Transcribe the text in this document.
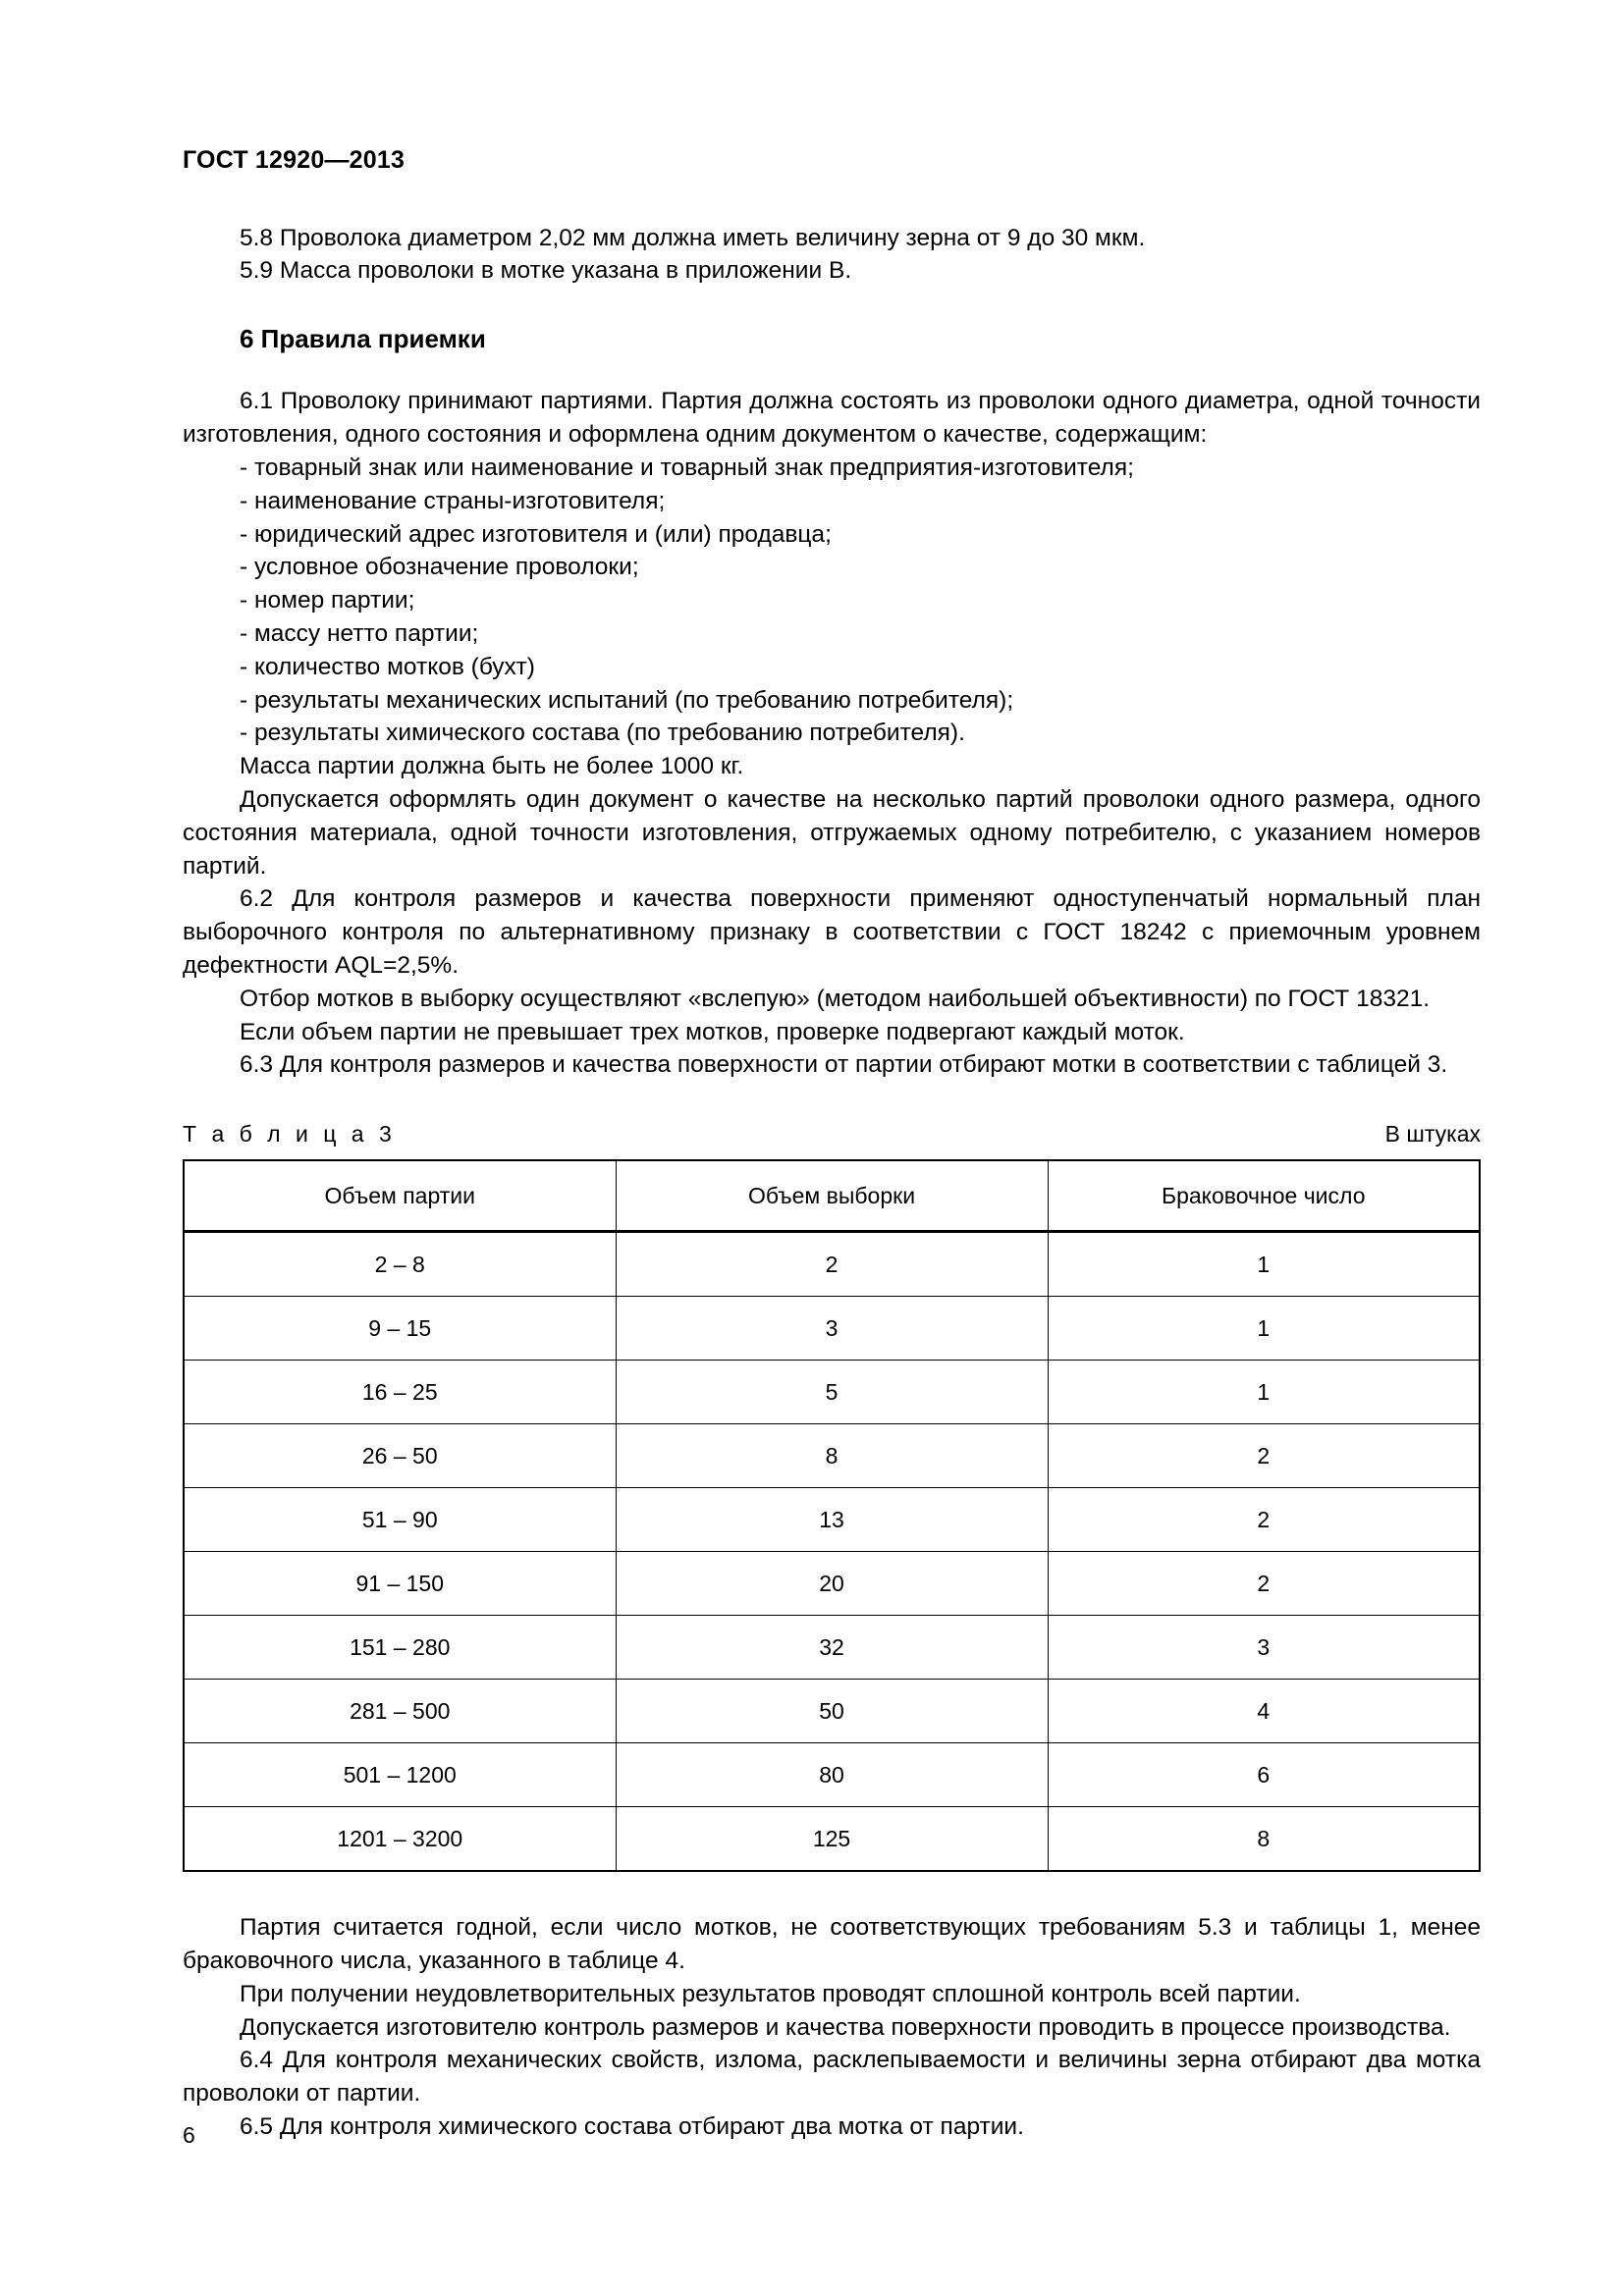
ГОСТ 12920—2013
5.8 Проволока диаметром 2,02 мм должна иметь величину зерна от 9 до 30 мкм.
5.9 Масса проволоки в мотке указана в приложении В.
6 Правила приемки

6.1 Проволоку принимают партиями. Партия должна состоять из проволоки одного диаметра, одной точности изготовления, одного состояния и оформлена одним документом о качестве, содержащим:

- товарный знак или наименование и товарный знак предприятия-изготовителя;
- наименование страны-изготовителя;
- юридический адрес изготовителя и (или) продавца;
- условное обозначение проволоки;
- номер партии;
- массу нетто партии;
- количество мотков (бухт)
- результаты механических испытаний (по требованию потребителя);
- результаты химического состава (по требованию потребителя).
Масса партии должна быть не более 1000 кг.

Допускается оформлять один документ о качестве на несколько партий проволоки одного размера, одного состояния материала, одной точности изготовления, отгружаемых одному потребителю, с указанием номеров партий.

6.2 Для контроля размеров и качества поверхности применяют одноступенчатый нормальный план выборочного контроля по альтернативному признаку в соответствии с ГОСТ 18242 с приемочным уровнем дефектности AQL=2,5%.

Отбор мотков в выборку осуществляют «вслепую» (методом наибольшей объективности) по ГОСТ 18321.

Если объем партии не превышает трех мотков, проверке подвергают каждый моток.

6.3 Для контроля размеров и качества поверхности от партии отбирают мотки в соответствии с таблицей 3.

Т а б л и ц а 3	В штуках
Объем партии	Объем выборки	Браковочное число
2 – 8	2	1
9 – 15	3	1
16 – 25	5	1
26 – 50	8	2
51 – 90	13	2
91 – 150	20	2
151 – 280	32	3
281 – 500	50	4
501 – 1200	80	6
1201 – 3200	125	8

Партия считается годной, если число мотков, не соответствующих требованиям 5.3 и таблицы 1, менее браковочного числа, указанного в таблице 4.

При получении неудовлетворительных результатов проводят сплошной контроль всей партии.

Допускается изготовителю контроль размеров и качества поверхности проводить в процессе производства.

6.4 Для контроля механических свойств, излома, расклепываемости и величины зерна отбирают два мотка проволоки от партии.

6.5 Для контроля химического состава отбирают два мотка от партии.

6
